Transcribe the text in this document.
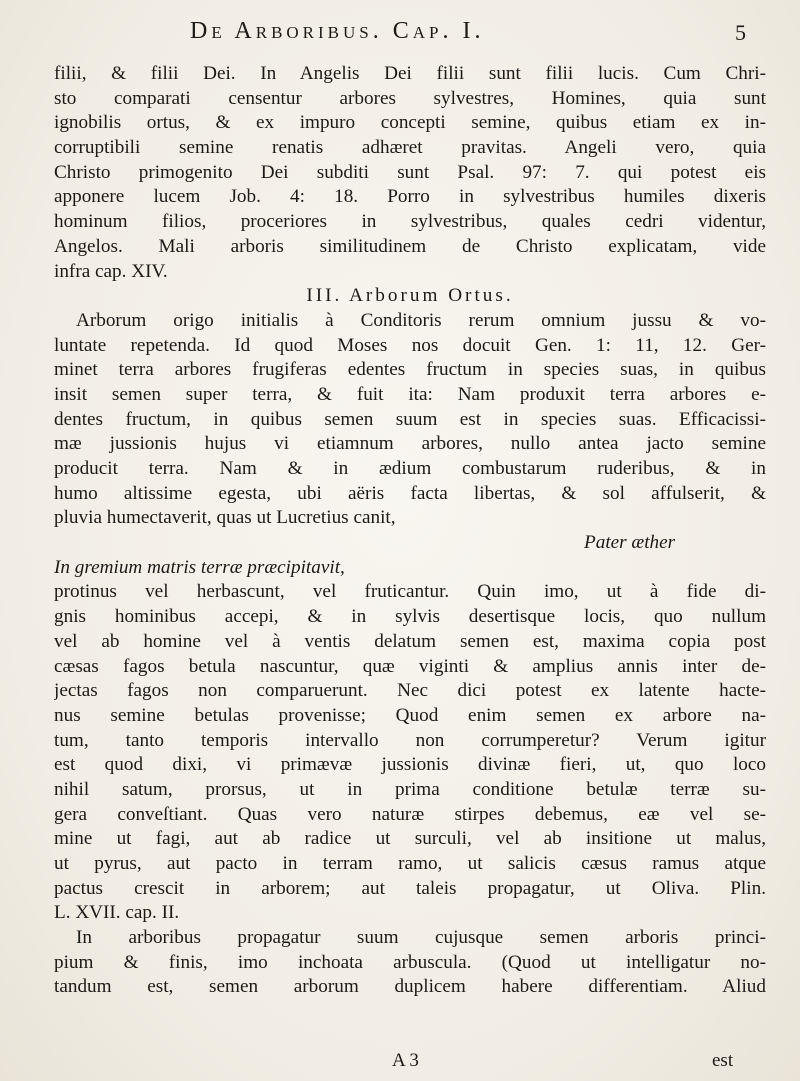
De Arboribus. Cap. I.	5
filii, & filii Dei. In Angelis Dei filii sunt filii lucis. Cum Chri-
sto comparati censentur arbores sylvestres, Homines, quia sunt
ignobilis ortus, & ex impuro concepti semine, quibus etiam ex in-
corruptibili semine renatis adhæret pravitas. Angeli vero, quia
Christo primogenito Dei subditi sunt Psal. 97: 7. qui potest eis
apponere lucem Job. 4: 18. Porro in sylvestribus humiles dixeris
hominum filios, proceriores in sylvestribus, quales cedri videntur,
Angelos. Mali arboris similitudinem de Christo explicatam, vide
infra cap. XIV.
III. Arborum Ortus.
Arborum origo initialis à Conditoris rerum omnium jussu & vo-
luntate repetenda. Id quod Moses nos docuit Gen. 1: 11, 12. Ger-
minet terra arbores frugiferas edentes fructum in species suas, in quibus
insit semen super terra, & fuit ita: Nam produxit terra arbores e-
dentes fructum, in quibus semen suum est in species suas. Efficacissi-
mæ jussionis hujus vi etiamnum arbores, nullo antea jacto semine
producit terra. Nam & in ædium combustarum ruderibus, & in
humo altissime egesta, ubi aëris facta libertas, & sol affulserit, &
pluvia humectaverit, quas ut Lucretius canit,
Pater æther
In gremium matris terræ præcipitavit,
protinus vel herbascunt, vel fruticantur. Quin imo, ut à fide di-
gnis hominibus accepi, & in sylvis desertisque locis, quo nullum
vel ab homine vel à ventis delatum semen est, maxima copia post
cæsas fagos betula nascuntur, quæ viginti & amplius annis inter de-
jectas fagos non comparuerunt. Nec dici potest ex latente hacte-
nus semine betulas provenisse; Quod enim semen ex arbore na-
tum, tanto temporis intervallo non corrumperetur? Verum igitur
est quod dixi, vi primævæ jussionis divinæ fieri, ut, quo loco
nihil satum, prorsus, ut in prima conditione betulæ terræ su-
gera conveſtiant. Quas vero naturæ stirpes debemus, eæ vel se-
mine ut fagi, aut ab radice ut surculi, vel ab insitione ut malus,
ut pyrus, aut pacto in terram ramo, ut salicis cæsus ramus atque
pactus crescit in arborem; aut taleis propagatur, ut Oliva. Plin.
L. XVII. cap. II.
In arboribus propagatur suum cujusque semen arboris princi-
pium & finis, imo inchoata arbuscula. (Quod ut intelligatur no-
tandum est, semen arborum duplicem habere differentiam. Aliud
A 3	est
